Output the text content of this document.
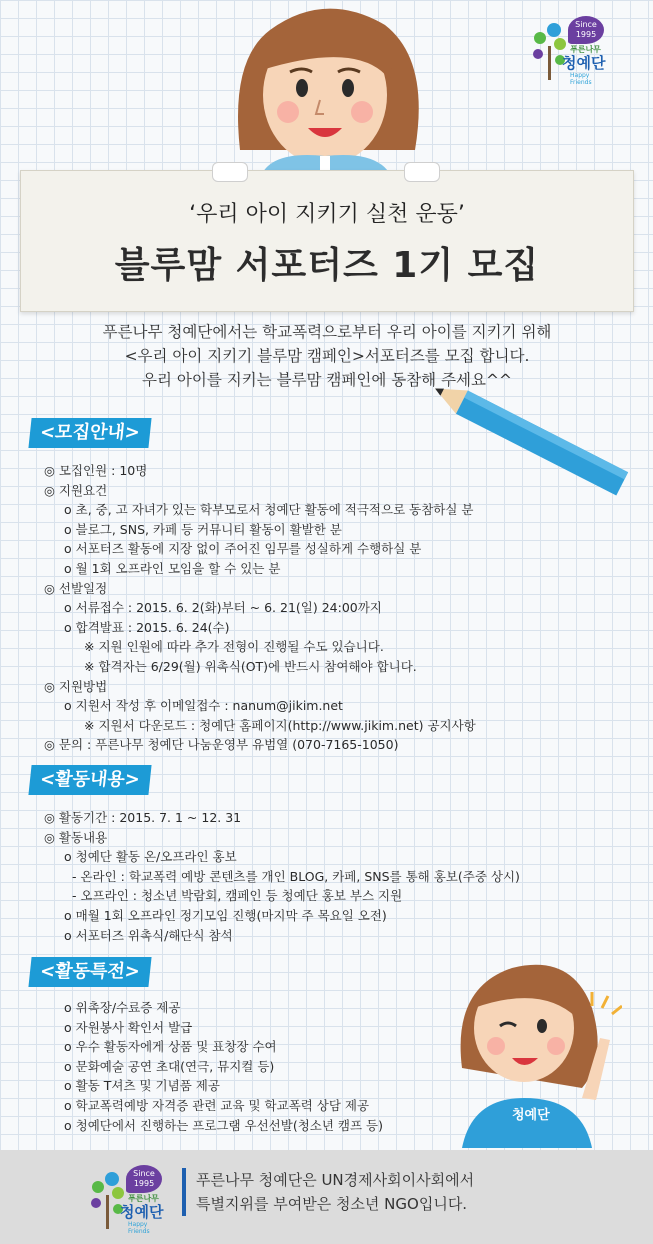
Since
1995
푸른나무
청예단
Happy Friends
‘우리 아이 지키기 실천 운동’
블루맘 서포터즈 1기 모집
푸른나무 청예단에서는 학교폭력으로부터 우리 아이를 지키기 위해
<우리 아이 지키기 블루맘 캠페인>서포터즈를 모집 합니다.
우리 아이를 지키는 블루맘 캠페인에 동참해 주세요^^
<모집안내>
◎ 모집인원 : 10명
◎ 지원요건
o 초, 중, 고 자녀가 있는 학부모로서 청예단 활동에 적극적으로 동참하실 분
o 블로그, SNS, 카페 등 커뮤니티 활동이 활발한 분
o 서포터즈 활동에 지장 없이 주어진 임무를 성실하게 수행하실 분
o 월 1회 오프라인 모임을 할 수 있는 분
◎ 선발일정
o 서류접수 : 2015. 6. 2(화)부터 ~ 6. 21(일) 24:00까지
o 합격발표 : 2015. 6. 24(수)
※ 지원 인원에 따라 추가 전형이 진행될 수도 있습니다.
※ 합격자는 6/29(월) 위촉식(OT)에 반드시 참여해야 합니다.
◎ 지원방법
o 지원서 작성 후 이메일접수 : nanum@jikim.net
※ 지원서 다운로드 : 청예단 홈페이지(http://www.jikim.net) 공지사항
◎ 문의 : 푸른나무 청예단 나눔운영부 유범열 (070-7165-1050)
<활동내용>
◎ 활동기간 : 2015. 7. 1 ~ 12. 31
◎ 활동내용
o 청예단 활동 온/오프라인 홍보
- 온라인 : 학교폭력 예방 콘텐츠를 개인 BLOG, 카페, SNS를 통해 홍보(주중 상시)
- 오프라인 : 청소년 박람회, 캠페인 등 청예단 홍보 부스 지원
o 매월 1회 오프라인 정기모임 진행(마지막 주 목요일 오전)
o 서포터즈 위촉식/해단식 참석
<활동특전>
o 위촉장/수료증 제공
o 자원봉사 확인서 발급
o 우수 활동자에게 상품 및 표창장 수여
o 문화예술 공연 초대(연극, 뮤지컬 등)
o 활동 T셔츠 및 기념품 제공
o 학교폭력예방 자격증 관련 교육 및 학교폭력 상담 제공
o 청예단에서 진행하는 프로그램 우선선발(청소년 캠프 등)
청예단
Since
1995
푸른나무
청예단
Happy Friends
푸른나무 청예단은 UN경제사회이사회에서
특별지위를 부여받은 청소년 NGO입니다.
